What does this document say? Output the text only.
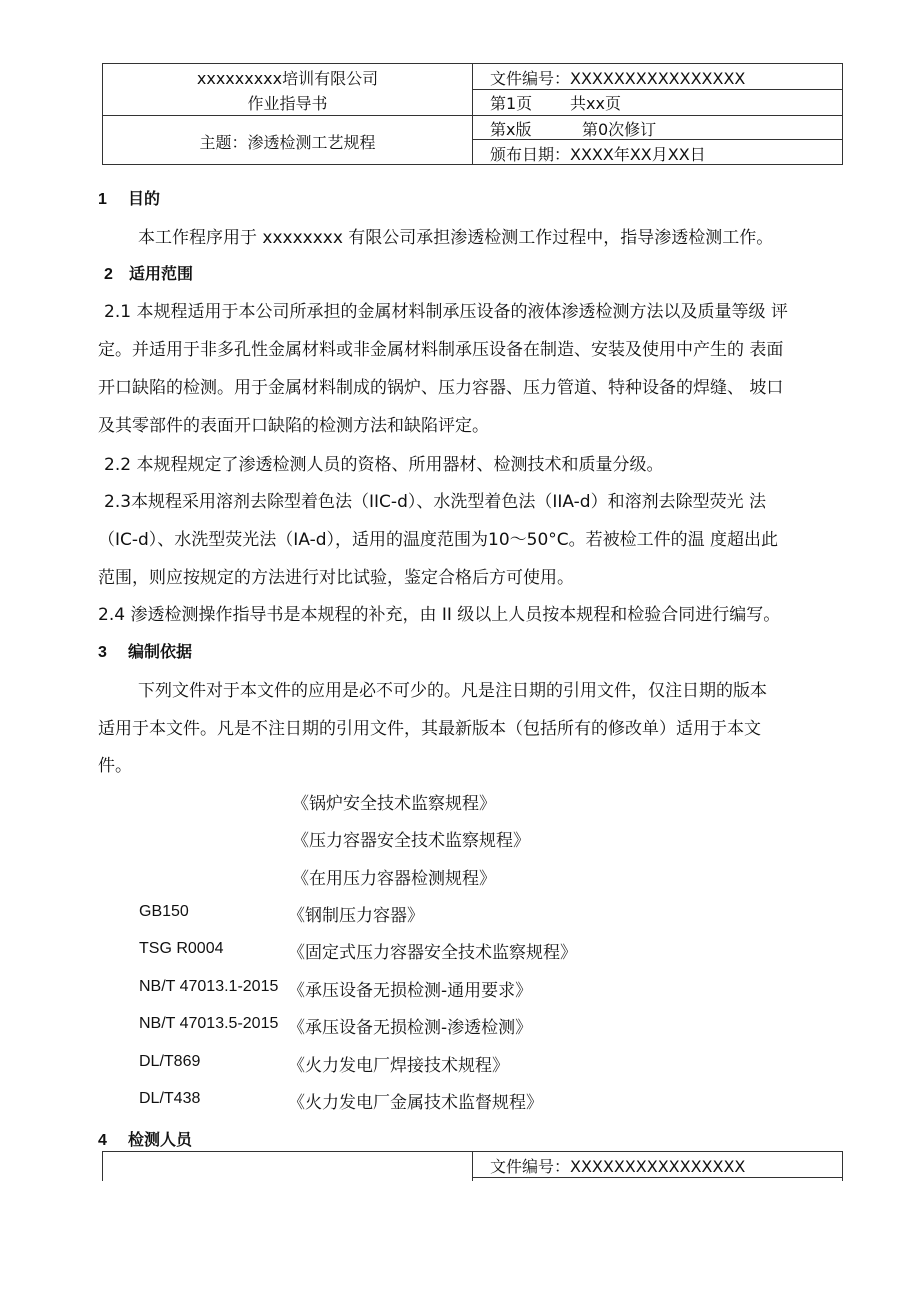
xxxxxxxxx培训有限公司
作业指导书
主题：渗透检测工艺规程
文件编号：XXXXXXXXXXXXXXXX
第1页 共xx页
第x版	第0次修订
颁布日期：XXXX年XX月XX日
1 目的
本工作程序用于 xxxxxxxx 有限公司承担渗透检测工作过程中，指导渗透检测工作。
2 适用范围
2.1 本规程适用于本公司所承担的金属材料制承压设备的液体渗透检测方法以及质量等级 评
定。并适用于非多孔性金属材料或非金属材料制承压设备在制造、安装及使用中产生的 表面
开口缺陷的检测。用于金属材料制成的锅炉、压力容器、压力管道、特种设备的焊缝、 坡口
及其零部件的表面开口缺陷的检测方法和缺陷评定。
2.2 本规程规定了渗透检测人员的资格、所用器材、检测技术和质量分级。
2.3本规程采用溶剂去除型着色法（IIC-d）、水洗型着色法（IIA-d）和溶剂去除型荧光 法
（IC-d）、水洗型荧光法（IA-d），适用的温度范围为10～50°C。若被检工件的温 度超出此
范围，则应按规定的方法进行对比试验，鉴定合格后方可使用。
2.4 渗透检测操作指导书是本规程的补充，由 II 级以上人员按本规程和检验合同进行编写。
3 编制依据
下列文件对于本文件的应用是必不可少的。凡是注日期的引用文件，仅注日期的版本
适用于本文件。凡是不注日期的引用文件，其最新版本（包括所有的修改单）适用于本文
件。
《锅炉安全技术监察规程》
《压力容器安全技术监察规程》
《在用压力容器检测规程》
GB150	《钢制压力容器》
TSG R0004	《固定式压力容器安全技术监察规程》
NB/T 47013.1-2015 《承压设备无损检测-通用要求》
NB/T 47013.5-2015 《承压设备无损检测-渗透检测》
DL/T869	《火力发电厂焊接技术规程》
DL/T438	《火力发电厂金属技术监督规程》
4 检测人员
文件编号：XXXXXXXXXXXXXXXX
